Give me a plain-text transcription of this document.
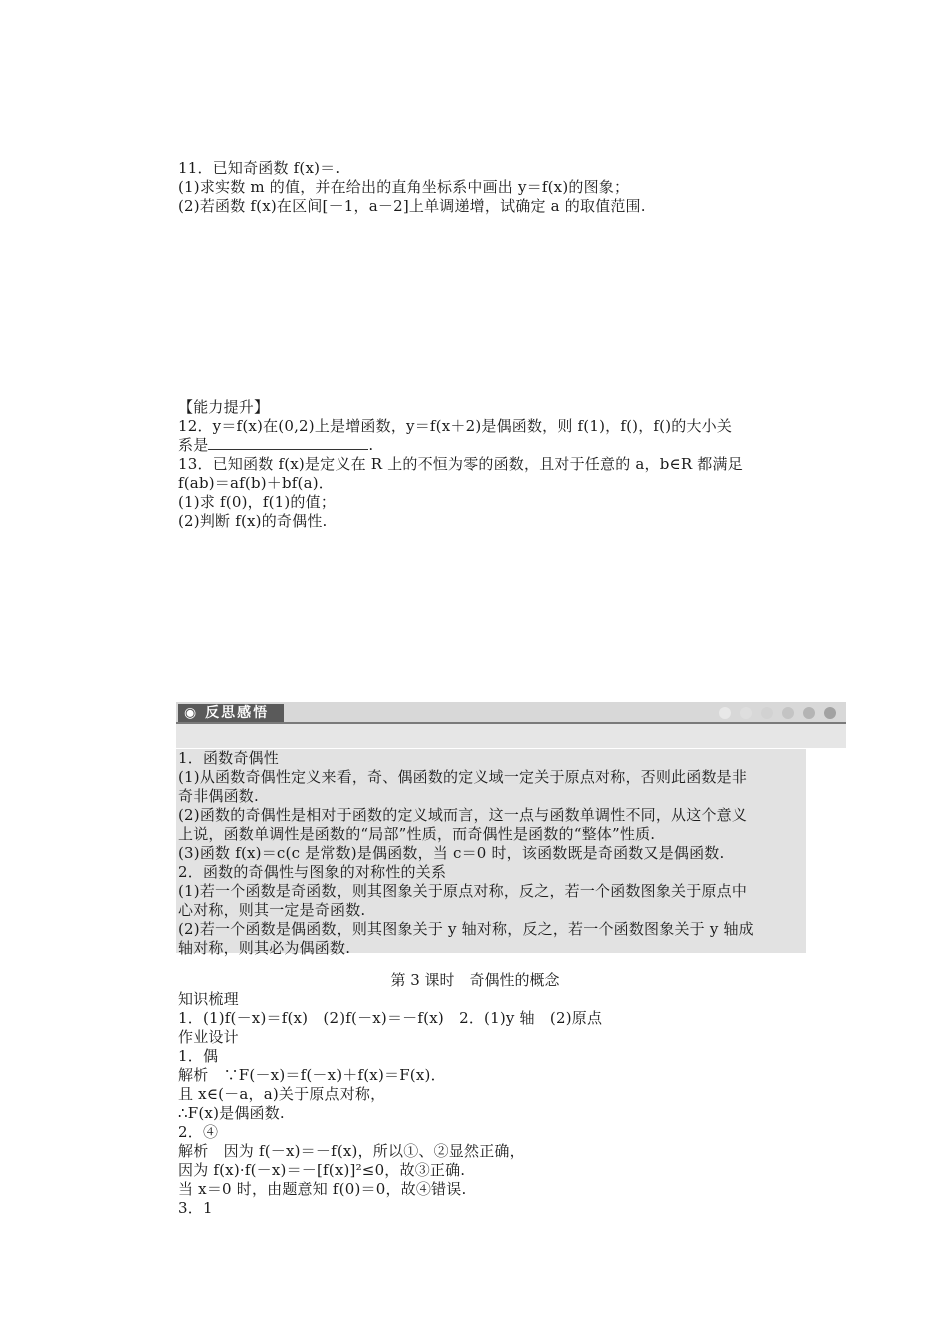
11．已知奇函数 f(x)＝.
(1)求实数 m 的值，并在给出的直角坐标系中画出 y＝f(x)的图象；
(2)若函数 f(x)在区间[－1，a－2]上单调递增，试确定 a 的取值范围.
【能力提升】
12．y＝f(x)在(0,2)上是增函数，y＝f(x＋2)是偶函数，则 f(1)，f()，f()的大小关
系是	.
13．已知函数 f(x)是定义在 R 上的不恒为零的函数，且对于任意的 a，b∈R 都满足
f(ab)＝af(b)＋bf(a)．
(1)求 f(0)，f(1)的值；
(2)判断 f(x)的奇偶性.
◉ 反思感悟
1．函数奇偶性
(1)从函数奇偶性定义来看，奇、偶函数的定义域一定关于原点对称，否则此函数是非
奇非偶函数.
(2)函数的奇偶性是相对于函数的定义域而言，这一点与函数单调性不同，从这个意义
上说，函数单调性是函数的“局部”性质，而奇偶性是函数的“整体”性质.
(3)函数 f(x)＝c(c 是常数)是偶函数，当 c＝0 时，该函数既是奇函数又是偶函数.
2．函数的奇偶性与图象的对称性的关系
(1)若一个函数是奇函数，则其图象关于原点对称，反之，若一个函数图象关于原点中
心对称，则其一定是奇函数.
(2)若一个函数是偶函数，则其图象关于 y 轴对称，反之，若一个函数图象关于 y 轴成
轴对称，则其必为偶函数.
第 3 课时　奇偶性的概念
知识梳理
1．(1)f(－x)＝f(x)　(2)f(－x)＝－f(x)　2．(1)y 轴　(2)原点
作业设计
1．偶
解析　∵F(－x)＝f(－x)＋f(x)＝F(x)．
且 x∈(－a，a)关于原点对称，
∴F(x)是偶函数.
2．④
解析　因为 f(－x)＝－f(x)，所以①、②显然正确，
因为 f(x)·f(－x)＝－[f(x)]²≤0，故③正确.
当 x＝0 时，由题意知 f(0)＝0，故④错误.
3．1
